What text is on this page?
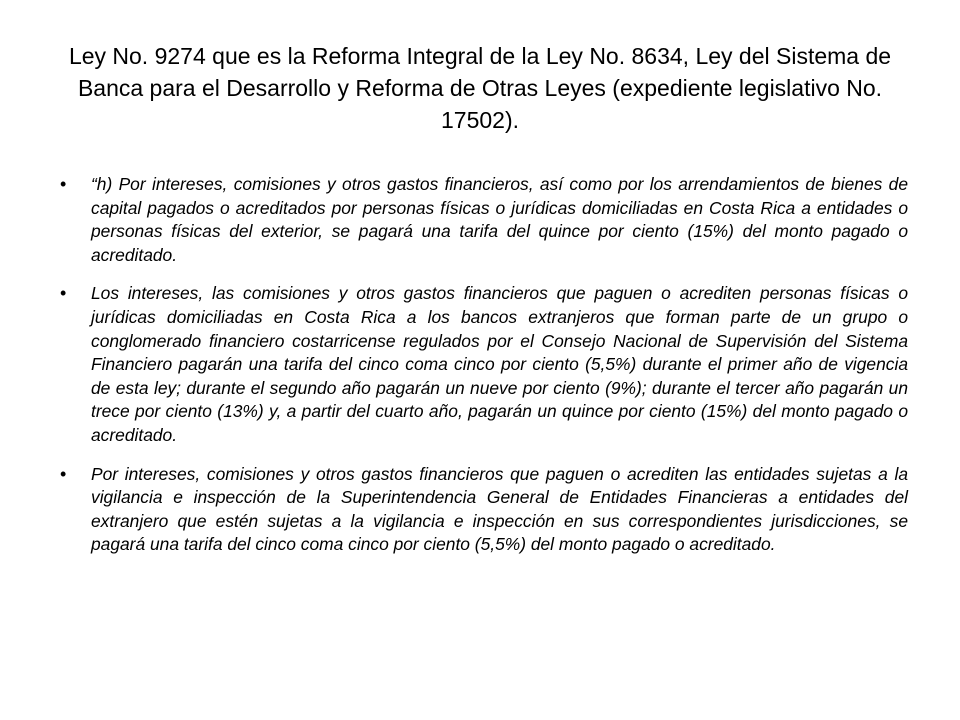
Ley No. 9274 que es la Reforma Integral de la Ley No. 8634, Ley del Sistema de Banca para el Desarrollo y Reforma de Otras Leyes (expediente legislativo No. 17502).
•	“h) Por intereses, comisiones y otros gastos financieros, así como por los arrendamientos de bienes de capital pagados o acreditados por personas físicas o jurídicas domiciliadas en Costa Rica a entidades o personas físicas del exterior, se pagará una tarifa del quince por ciento (15%) del monto pagado o acreditado.
•	Los intereses, las comisiones y otros gastos financieros que paguen o acrediten personas físicas o jurídicas domiciliadas en Costa Rica a los bancos extranjeros que forman parte de un grupo o conglomerado financiero costarricense regulados por el Consejo Nacional de Supervisión del Sistema Financiero pagarán una tarifa del cinco coma cinco por ciento (5,5%) durante el primer año de vigencia de esta ley; durante el segundo año pagarán un nueve por ciento (9%); durante el tercer año pagarán un trece por ciento (13%) y, a partir del cuarto año, pagarán un quince por ciento (15%) del monto pagado o acreditado.
•	Por intereses, comisiones y otros gastos financieros que paguen o acrediten las entidades sujetas a la vigilancia e inspección de la Superintendencia General de Entidades Financieras a entidades del extranjero que estén sujetas a la vigilancia e inspección en sus correspondientes jurisdicciones, se pagará una tarifa del cinco coma cinco por ciento (5,5%) del monto pagado o acreditado.
